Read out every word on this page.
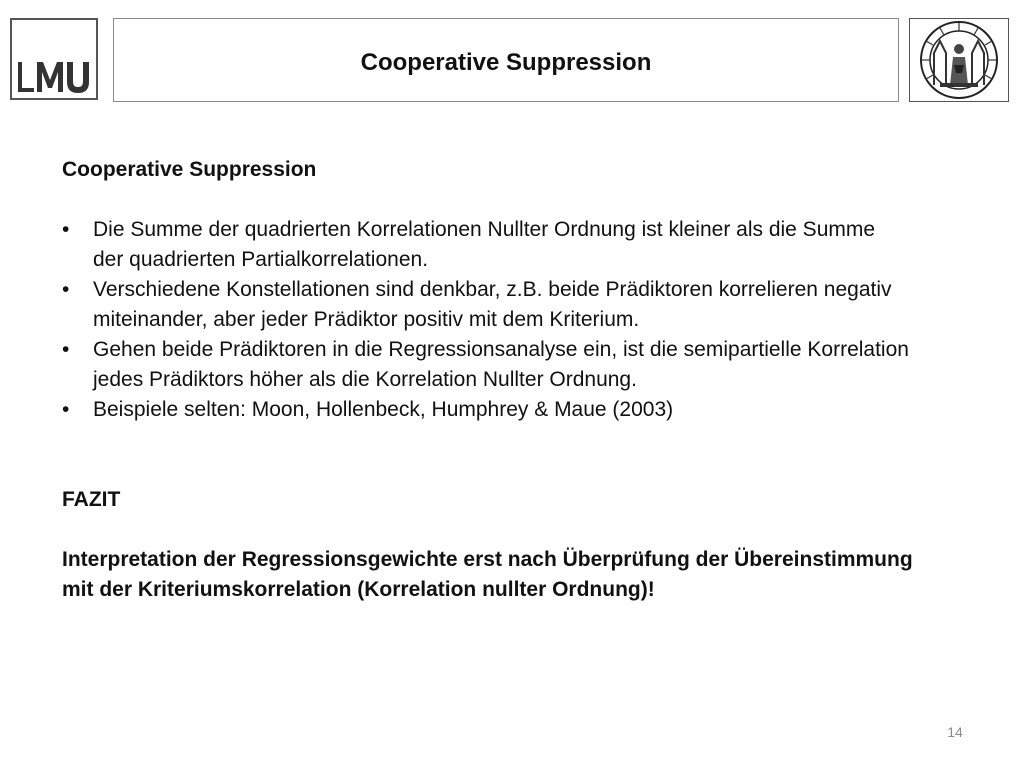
Cooperative Suppression
Cooperative Suppression
• Die Summe der quadrierten Korrelationen Nullter Ordnung ist kleiner als die Summe
der quadrierten Partialkorrelationen.
• Verschiedene Konstellationen sind denkbar, z.B. beide Prädiktoren korrelieren negativ
miteinander, aber jeder Prädiktor positiv mit dem Kriterium.
• Gehen beide Prädiktoren in die Regressionsanalyse ein, ist die semipartielle Korrelation
jedes Prädiktors höher als die Korrelation Nullter Ordnung.
• Beispiele selten: Moon, Hollenbeck, Humphrey & Maue (2003)
FAZIT
Interpretation der Regressionsgewichte erst nach Überprüfung der Übereinstimmung
mit der Kriteriumskorrelation (Korrelation nullter Ordnung)!
14
